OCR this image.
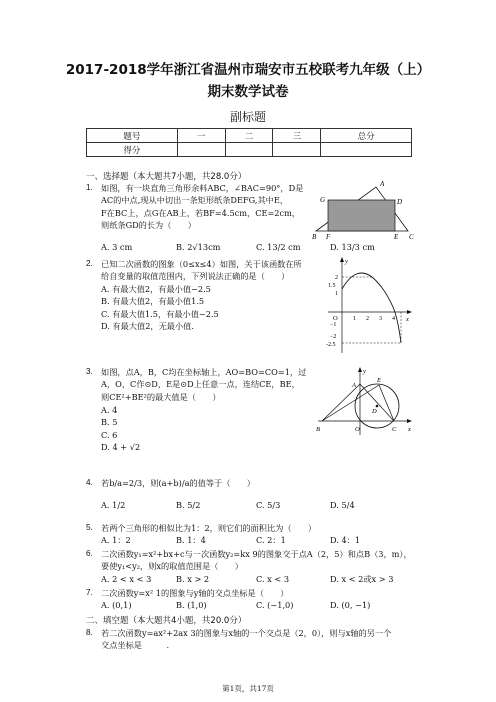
2017-2018学年浙江省温州市瑞安市五校联考九年级（上）
期末数学试卷
副标题
题号	一	二	三	总分
得分				
一、选择题（本大题共7小题，共28.0分）
1. 如图，有一块直角三角形余料ABC，∠BAC=90°，D是
AC的中点,现从中切出一条矩形纸条DEFG,其中E，
F在BC上，点G在AB上，若BF=4.5cm，CE=2cm，
则纸条GD的长为（　　）
A. 3 cm	B. 2√13cm	C. 13/2 cm	D. 13/3 cm
A
B	C
D
E
F
G
2. 已知二次函数的图象（0≤x≤4）如图，关于该函数在所
给自变量的取值范围内，下列说法正确的是（　　）
A. 有最大值2，有最小值−2.5
B. 有最大值2，有最小值1.5
C. 有最大值1.5，有最小值−2.5
D. 有最大值2，无最小值.
y
x
O
2
1.5
1
−1
−2
-2.5
1 2 3 4
3. 如图，点A，B，C均在坐标轴上，AO=BO=CO=1，过
A，O，C作⊙D，E是⊙D上任意一点，连结CE，BE，
则CE²+BE²的最大值是（　　）
A. 4
B. 5
C. 6
D. 4 + √2
y
x
A
B	C
D
E
O
4. 若b/a=2/3，则(a+b)/a的值等于（　　）
A. 1/2	B. 5/2	C. 5/3	D. 5/4
5. 若两个三角形的相似比为1：2，则它们的面积比为（　　）
A. 1：2	B. 1：4	C. 2：1	D. 4：1
6. 二次函数y₁=x²+bx+c与一次函数y₂=kx 9的图象交于点A（2，5）和点B（3，m），
要使y₁<y₂，则x的取值范围是（　　）
A. 2 < x < 3	B. x > 2	C. x < 3	D. x < 2或x > 3
7. 二次函数y=x² 1的图象与y轴的交点坐标是（　　）
A. (0,1)	B. (1,0)	C. (−1,0)	D. (0, −1)
二、填空题（本大题共4小题，共20.0分）
8. 若二次函数y=ax²+2ax 3的图象与x轴的一个交点是（2，0），则与x轴的另一个
交点坐标是　　　.
第1页，共17页
